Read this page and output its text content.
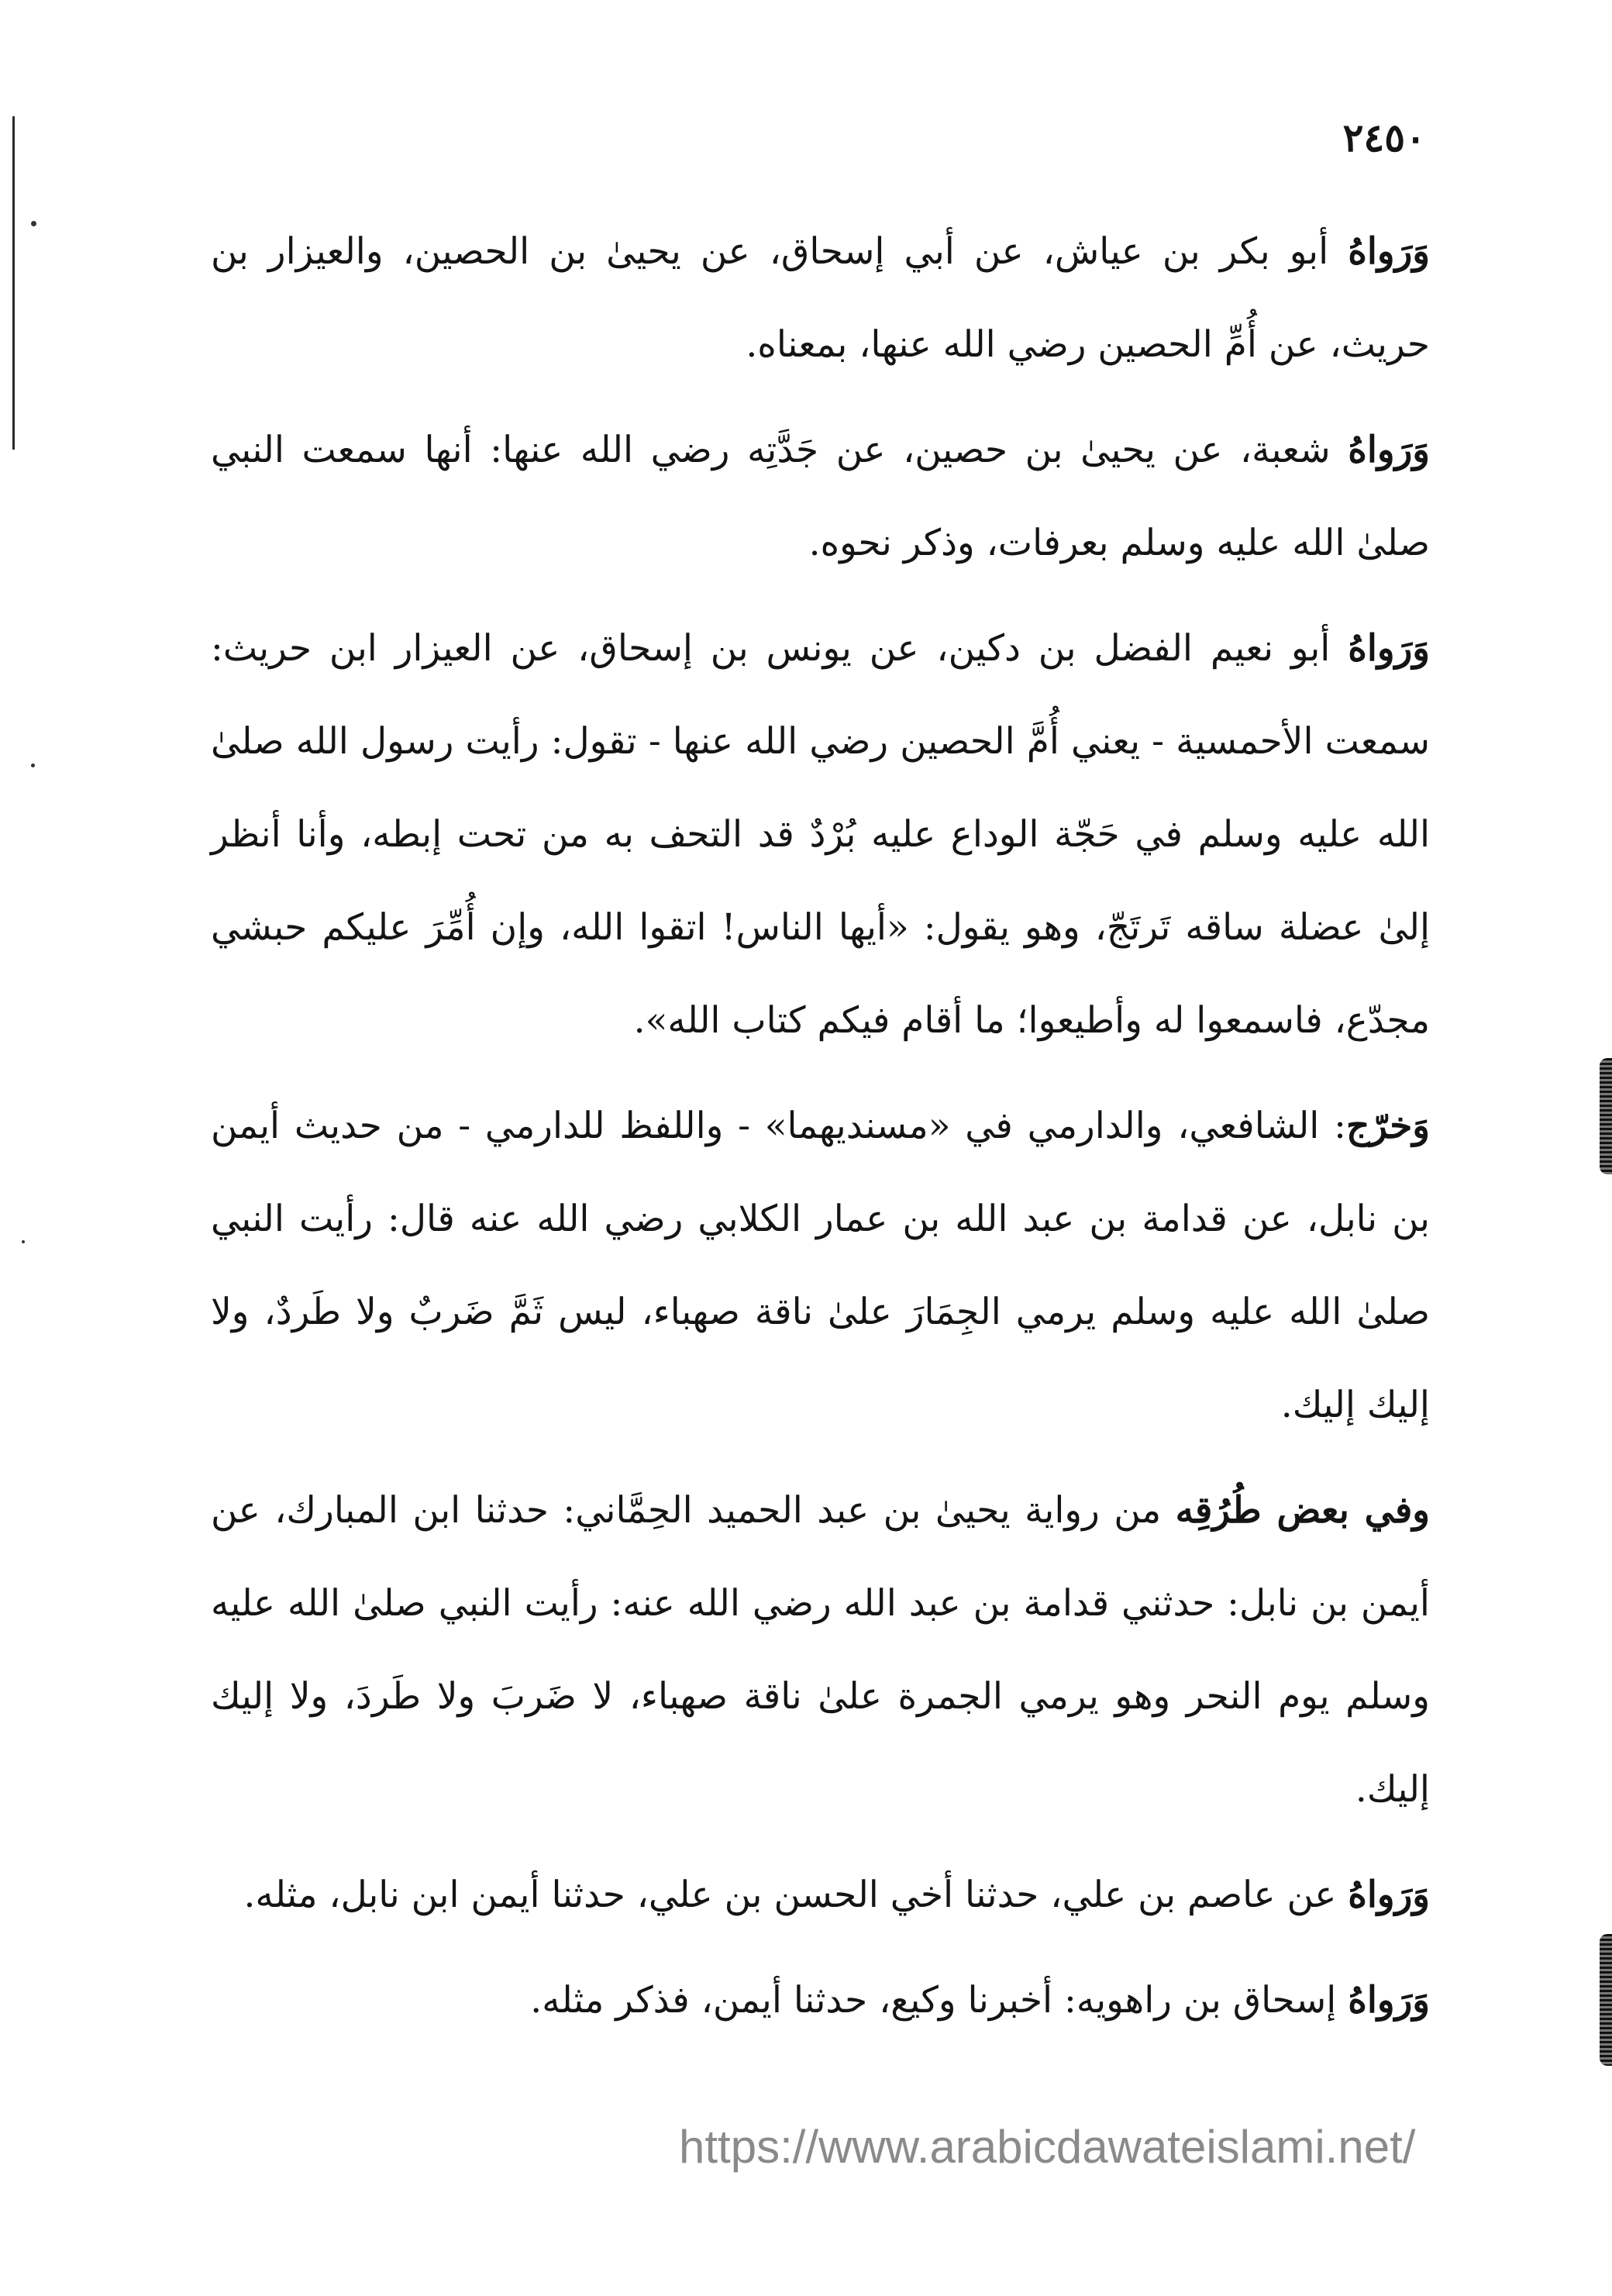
٢٤٥٠

وَرَواهُ أبو بكر بن عياش، عن أبي إسحاق، عن يحيىٰ بن الحصين، والعيزار بن حريث، عن أُمِّ الحصين رضي الله عنها، بمعناه.

وَرَواهُ شعبة، عن يحيىٰ بن حصين، عن جَدَّتِه رضي الله عنها: أنها سمعت النبي صلىٰ الله عليه وسلم بعرفات، وذكر نحوه.

وَرَواهُ أبو نعيم الفضل بن دكين، عن يونس بن إسحاق، عن العيزار ابن حريث: سمعت الأحمسية - يعني أُمَّ الحصين رضي الله عنها - تقول: رأيت رسول الله صلىٰ الله عليه وسلم في حَجّة الوداع عليه بُرْدٌ قد التحف به من تحت إبطه، وأنا أنظر إلىٰ عضلة ساقه تَرتَجّ، وهو يقول: «أيها الناس! اتقوا الله، وإن أُمِّرَ عليكم حبشي مجدّع، فاسمعوا له وأطيعوا؛ ما أقام فيكم كتاب الله».

وَخرّج: الشافعي، والدارمي في «مسنديهما» - واللفظ للدارمي - من حديث أيمن بن نابل، عن قدامة بن عبد الله بن عمار الكلابي رضي الله عنه قال: رأيت النبي صلىٰ الله عليه وسلم يرمي الجِمَارَ علىٰ ناقة صهباء، ليس ثَمَّ ضَربٌ ولا طَردٌ، ولا إليك إليك.

وفي بعض طُرُقِه من رواية يحيىٰ بن عبد الحميد الحِمَّاني: حدثنا ابن المبارك، عن أيمن بن نابل: حدثني قدامة بن عبد الله رضي الله عنه: رأيت النبي صلىٰ الله عليه وسلم يوم النحر وهو يرمي الجمرة علىٰ ناقة صهباء، لا ضَربَ ولا طَردَ، ولا إليك إليك.

وَرَواهُ عن عاصم بن علي، حدثنا أخي الحسن بن علي، حدثنا أيمن ابن نابل، مثله.

وَرَواهُ إسحاق بن راهويه: أخبرنا وكيع، حدثنا أيمن، فذكر مثله.

https://www.arabicdawateislami.net/
